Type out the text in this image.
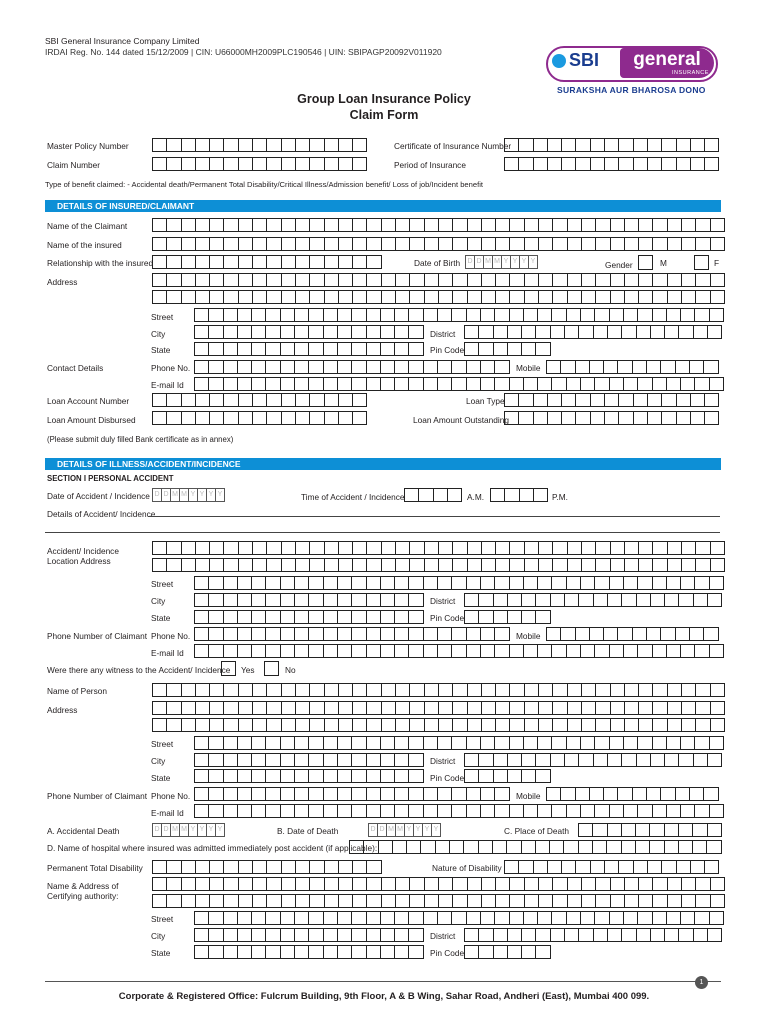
SBI General Insurance Company Limited
IRDAI Reg. No. 144 dated 15/12/2009 | CIN: U66000MH2009PLC190546 | UIN: SBIPAGP20092V011920	SBI	general
INSURANCE
SURAKSHA AUR BHAROSA DONO
Group Loan Insurance Policy
Claim Form
Master Policy Number	Certificate of Insurance Number
Claim Number	Period of Insurance
Type of benefit claimed: - Accidental death/Permanent Total Disability/Critical Illness/Admission benefit/ Loss of job/Incident benefit
DETAILS OF INSURED/CLAIMANT
Name of the Claimant
Name of the insured
Relationship with the insured	Date of Birth	D D M M Y Y Y Y	Gender	M	F
Address
Street
City	District
State	Pin Code
Contact Details	Phone No.	Mobile
E-mail Id
Loan Account Number	Loan Type
Loan Amount Disbursed	Loan Amount Outstanding
(Please submit duly filled Bank certificate as in annex)
DETAILS OF ILLNESS/ACCIDENT/INCIDENCE
SECTION I PERSONAL ACCIDENT
Date of Accident / Incidence D D M M Y Y Y Y	Time of Accident / Incidence	A.M.	P.M.
Details of Accident/ Incidence
Accident/ Incidence
Location Address
Street
City	District
State	Pin Code
Phone Number of Claimant Phone No.	Mobile
E-mail Id
Were there any witness to the Accident/ Incidence Yes	No
Name of Person
Address
Street
City	District
State	Pin Code
Phone Number of Claimant Phone No.	Mobile
E-mail Id
A. Accidental Death	D D M M Y Y Y Y	B. Date of Death	D D M M Y Y Y Y	C. Place of Death
D. Name of hospital where insured was admitted immediately post accident (if applicable):
Permanent Total Disability	Nature of Disability
Name & Address of
Certifying authority:
Street
City	District
State	Pin Code
1
Corporate & Registered Office: Fulcrum Building, 9th Floor, A & B Wing, Sahar Road, Andheri (East), Mumbai 400 099.
